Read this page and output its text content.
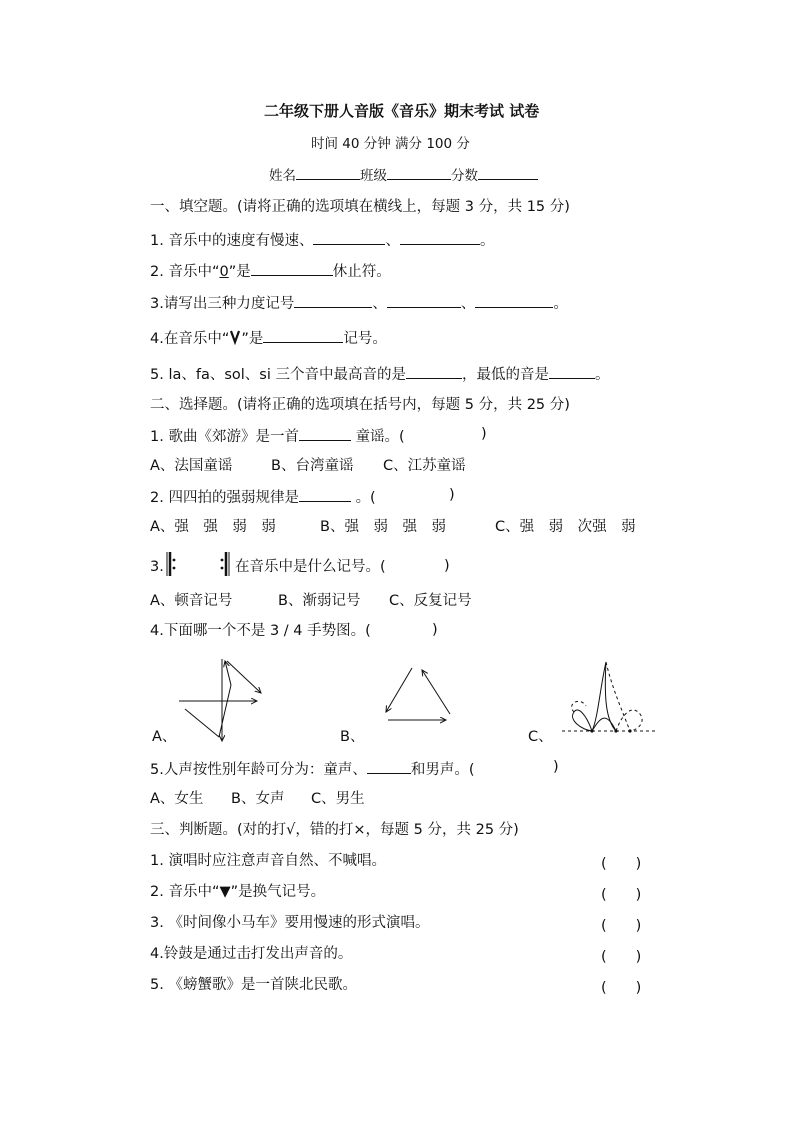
二年级下册人音版《音乐》期末考试 试卷
时间 40 分钟 满分 100 分
姓名	班级	分数
一、填空题。(请将正确的选项填在横线上，每题 3 分，共 15 分)
1. 音乐中的速度有慢速、	、	。
2. 音乐中“0”是	休止符。
3.请写出三种力度记号	、	、	。
4.在音乐中“ ”是	记号。
5. la、fa、sol、si 三个音中最高音的是	，最低的音是	。
二、选择题。(请将正确的选项填在括号内，每题 5 分，共 25 分)
1. 歌曲《郊游》是一首	童谣。(	)
A、法国童谣	B、台湾童谣 C、江苏童谣
2. 四四拍的强弱规律是	。(	)
A、强　强　弱　弱	B、强　弱　强　弱	C、强　弱　次强　弱
3.	在音乐中是什么记号。(	)
A、顿音记号	B、渐弱记号 C、反复记号
4.下面哪一个不是 3 / 4 手势图。(	)
A、	B、	C、
5.人声按性别年龄可分为：童声、	和男声。(	)
A、女生 B、女声 C、男生
三、判断题。(对的打√，错的打×，每题 5 分，共 25 分)
1. 演唱时应注意声音自然、不喊唱。	(　　)
2. 音乐中“▼”是换气记号。	(　　)
3. 《时间像小马车》要用慢速的形式演唱。	(　　)
4.铃鼓是通过击打发出声音的。	(　　)
5. 《螃蟹歌》是一首陕北民歌。	(　　)
